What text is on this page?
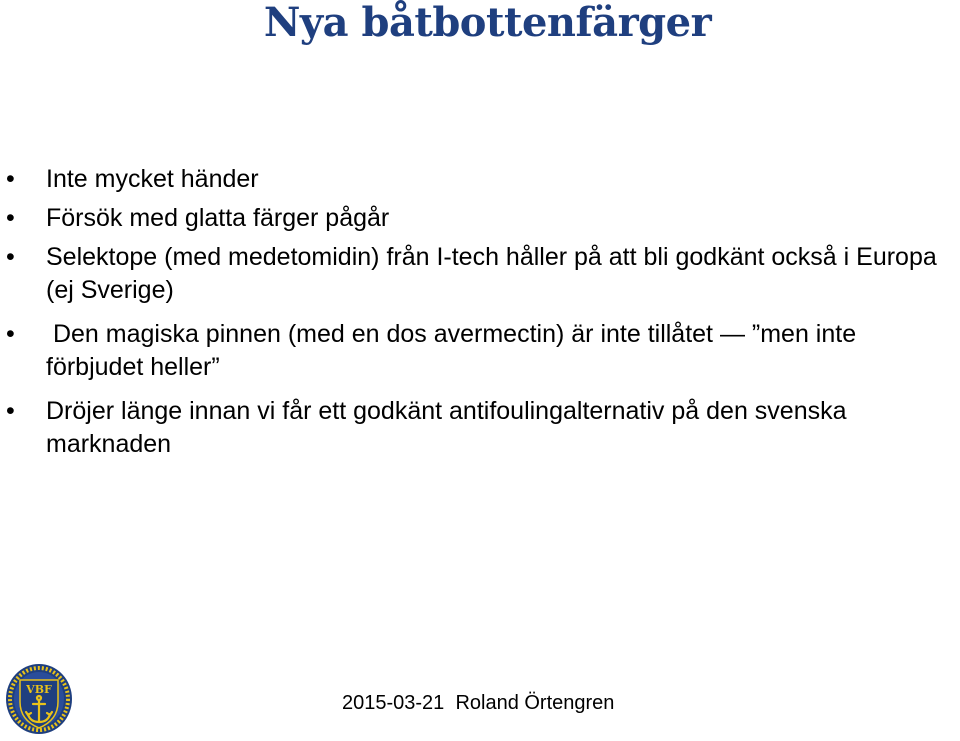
Nya båtbottenfärger
• Inte mycket händer
• Försök med glatta färger pågår
• Selektope (med medetomidin) från I-tech håller på att bli godkänt också i Europa (ej Sverige)
• Den magiska pinnen (med en dos avermectin) är inte tillåtet ― ”men inte förbjudet heller”
• Dröjer länge innan vi får ett godkänt antifoulingalternativ på den svenska marknaden
VBF
2015-03-21 Roland Örtengren
